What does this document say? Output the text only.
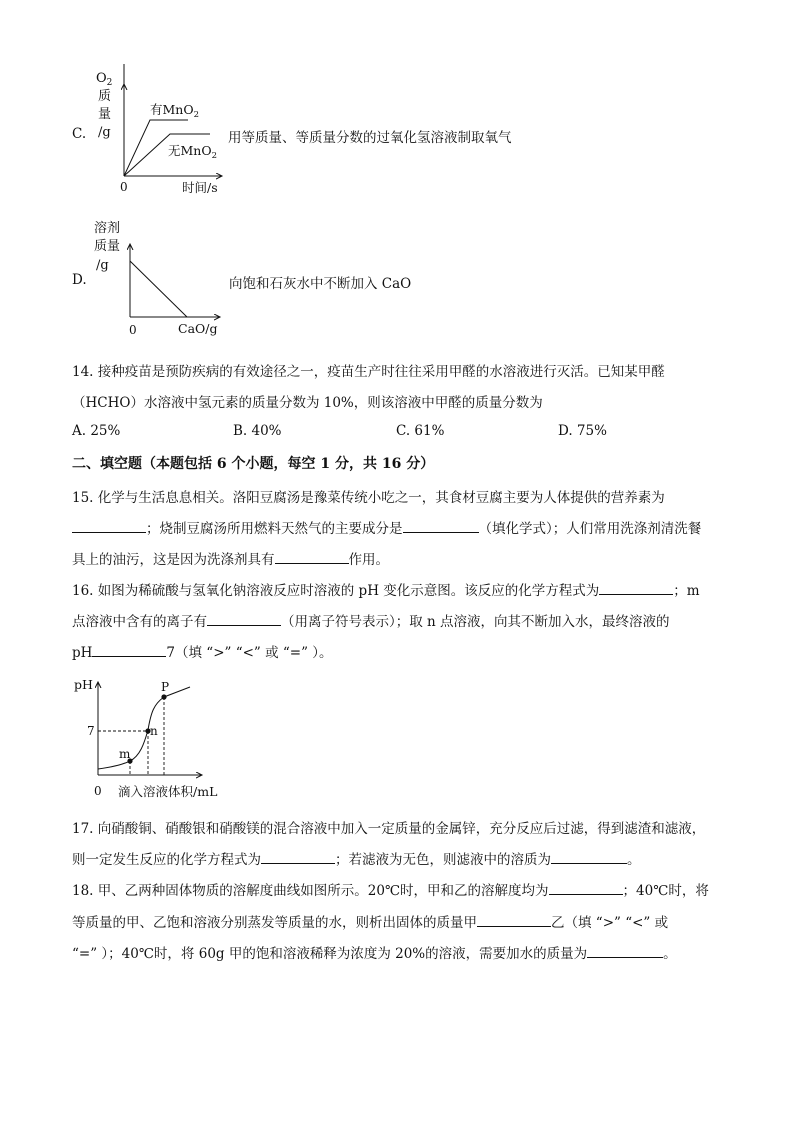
C.
$O_2$
质
量
/g
0	时间/s
有MnO$_2$
无MnO$_2$
用等质量、等质量分数的过氧化氢溶液制取氧气
D.
溶剂
质量
/g
0	CaO/g
向饱和石灰水中不断加入 CaO
14. 接种疫苗是预防疾病的有效途径之一，疫苗生产时往往采用甲醛的水溶液进行灭活。已知某甲醛
（HCHO）水溶液中氢元素的质量分数为 10%，则该溶液中甲醛的质量分数为
A. 25%	B. 40%	C. 61%	D. 75%
二、填空题（本题包括 6 个小题，每空 1 分，共 16 分）
15. 化学与生活息息相关。洛阳豆腐汤是豫菜传统小吃之一，其食材豆腐主要为人体提供的营养素为
；烧制豆腐汤所用燃料天然气的主要成分是	（填化学式）；人们常用洗涤剂清洗餐
具上的油污，这是因为洗涤剂具有	作用。
16. 如图为稀硫酸与氢氧化钠溶液反应时溶液的 pH 变化示意图。该反应的化学方程式为	；m
点溶液中含有的离子有	（用离子符号表示）；取 n 点溶液，向其不断加入水，最终溶液的
pH	7（填 “>” “<” 或 “=” ）。
pH
7
0 滴入溶液体积/mL
P
n
m
17. 向硝酸铜、硝酸银和硝酸镁的混合溶液中加入一定质量的金属锌，充分反应后过滤，得到滤渣和滤液，
则一定发生反应的化学方程式为	；若滤液为无色，则滤液中的溶质为	。
18. 甲、乙两种固体物质的溶解度曲线如图所示。20℃时，甲和乙的溶解度均为	；40℃时，将
等质量的甲、乙饱和溶液分别蒸发等质量的水，则析出固体的质量甲	乙（填 “>” “<” 或
“=” ）；40℃时，将 60g 甲的饱和溶液稀释为浓度为 20%的溶液，需要加水的质量为	。
